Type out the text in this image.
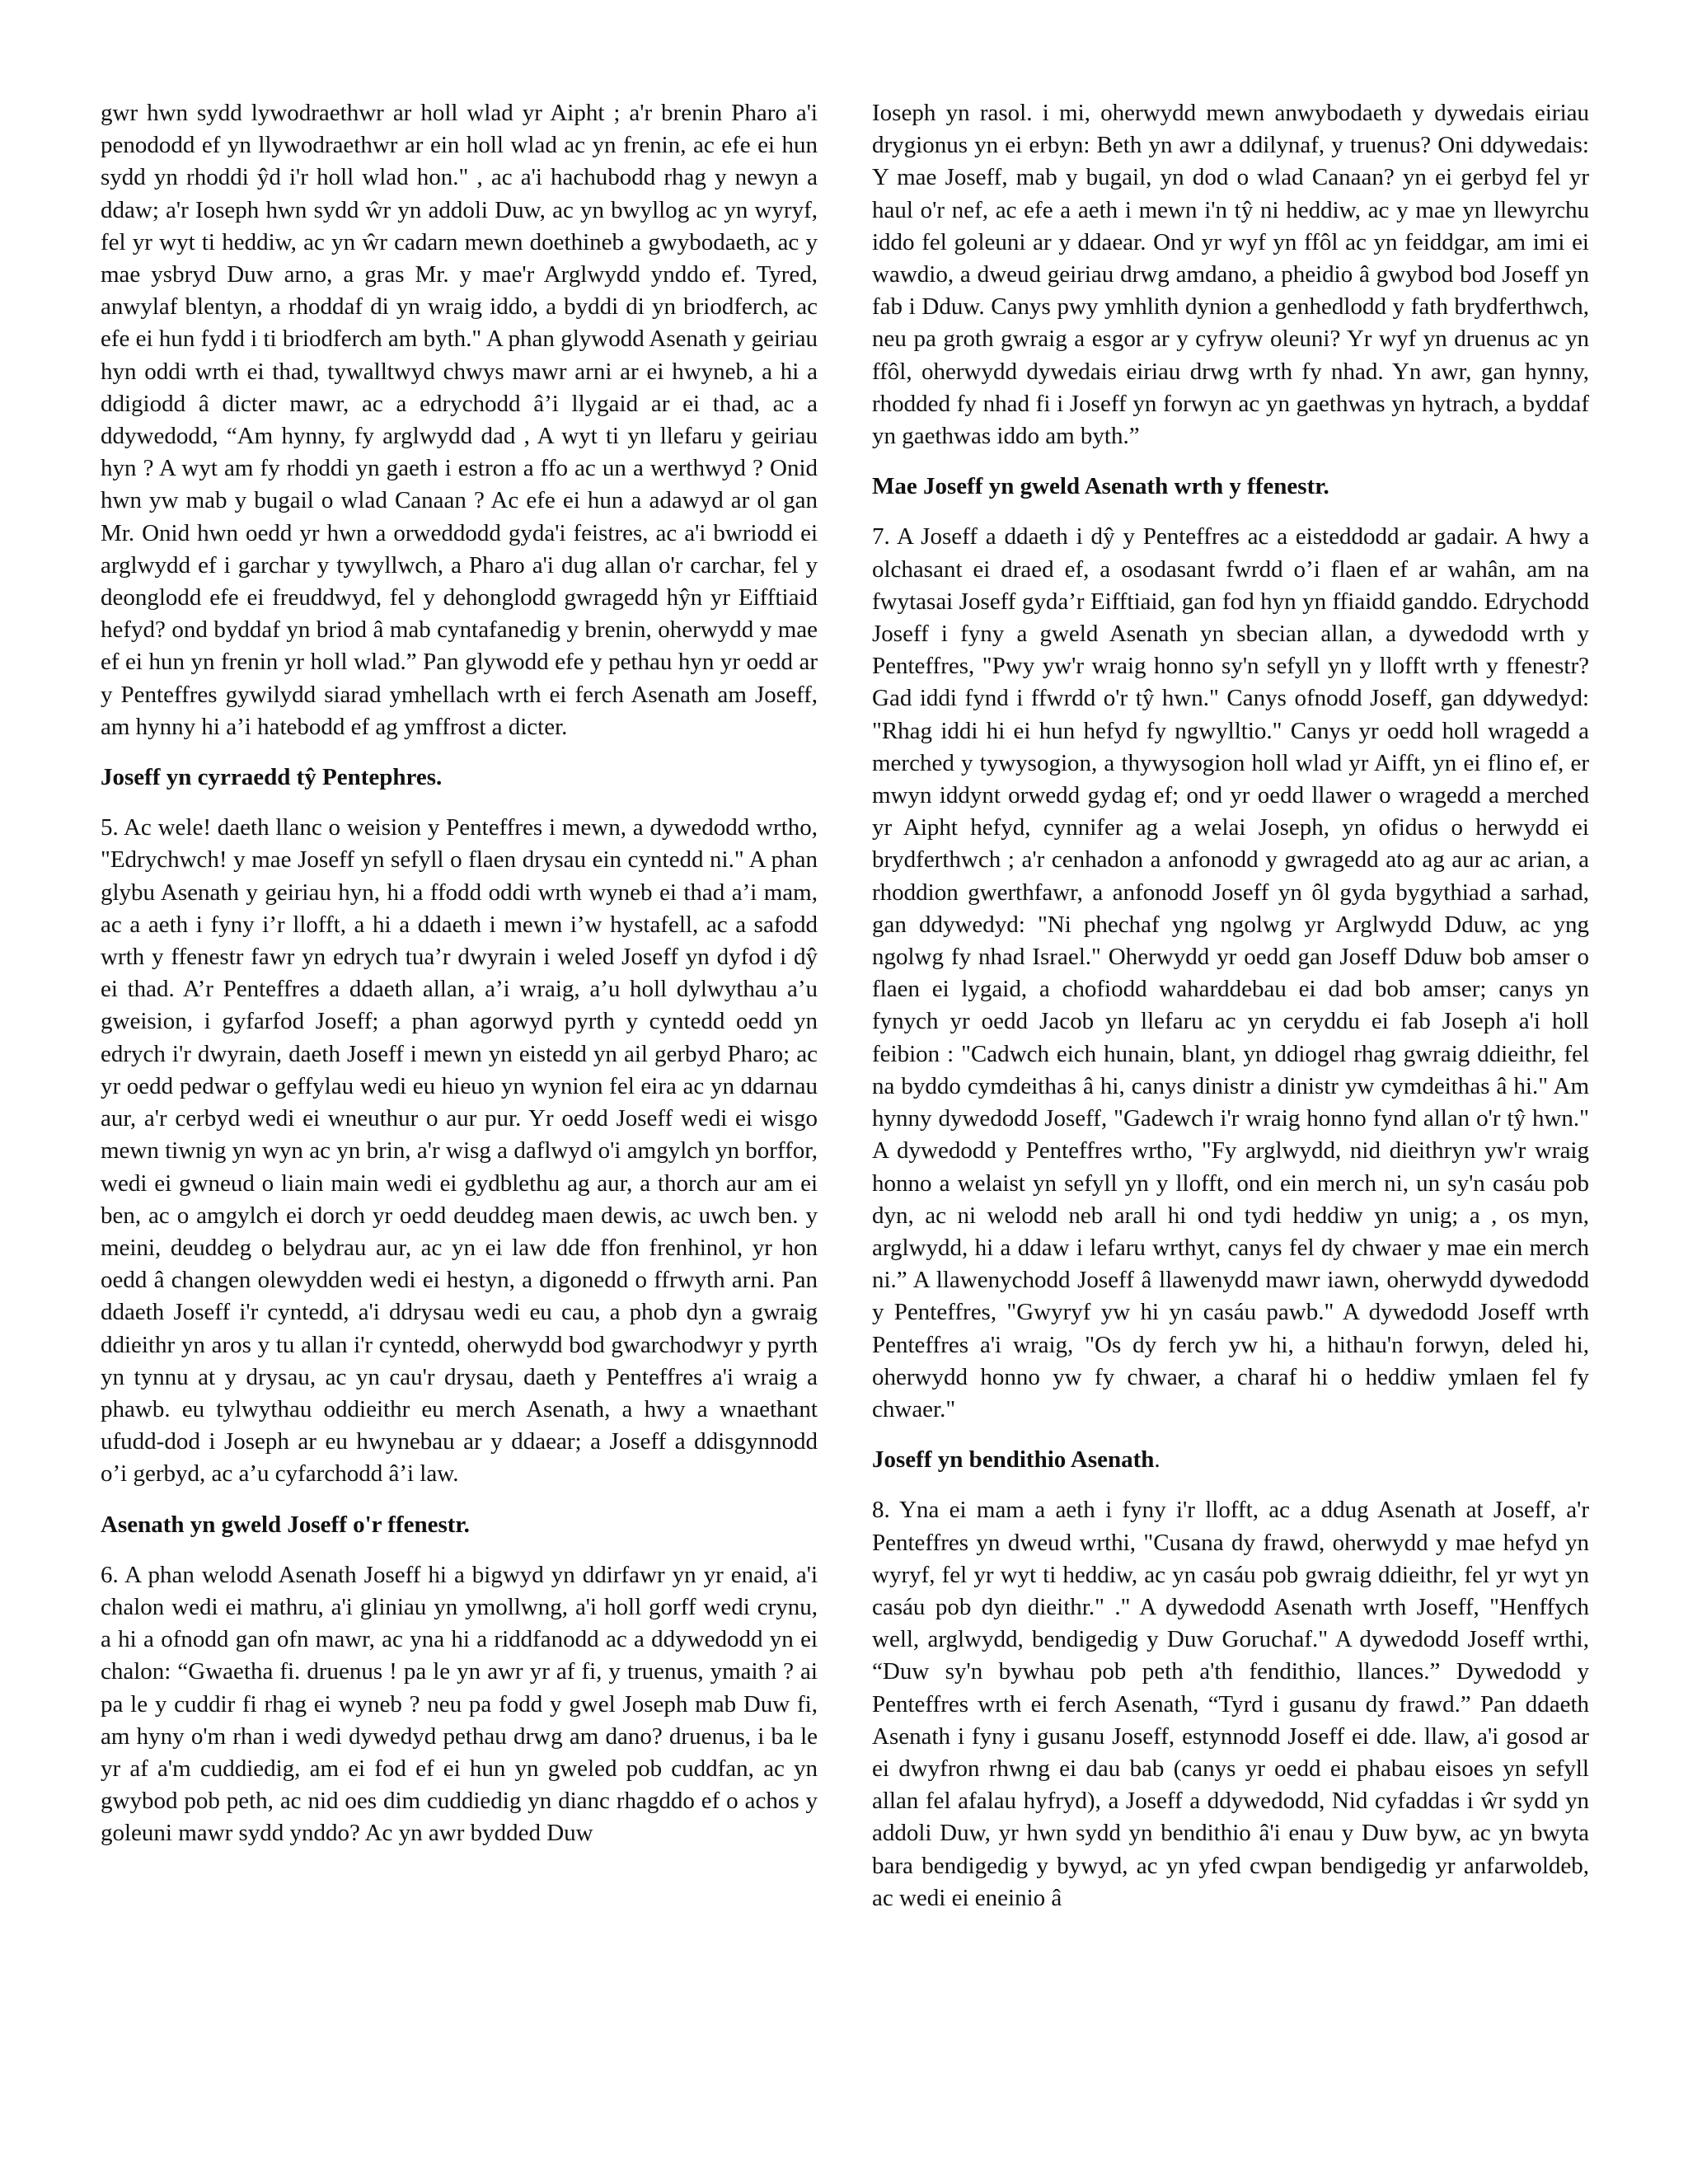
gwr hwn sydd lywodraethwr ar holl wlad yr Aipht ; a'r brenin Pharo a'i penododd ef yn llywodraethwr ar ein holl wlad ac yn frenin, ac efe ei hun sydd yn rhoddi ŷd i'r holl wlad hon." , ac a'i hachubodd rhag y newyn a ddaw; a'r Ioseph hwn sydd ŵr yn addoli Duw, ac yn bwyllog ac yn wyryf, fel yr wyt ti heddiw, ac yn ŵr cadarn mewn doethineb a gwybodaeth, ac y mae ysbryd Duw arno, a gras Mr. y mae'r Arglwydd ynddo ef. Tyred, anwylaf blentyn, a rhoddaf di yn wraig iddo, a byddi di yn briodferch, ac efe ei hun fydd i ti briodferch am byth." A phan glywodd Asenath y geiriau hyn oddi wrth ei thad, tywalltwyd chwys mawr arni ar ei hwyneb, a hi a ddigiodd â dicter mawr, ac a edrychodd â’i llygaid ar ei thad, ac a ddywedodd, “Am hynny, fy arglwydd dad , A wyt ti yn llefaru y geiriau hyn ? A wyt am fy rhoddi yn gaeth i estron a ffo ac un a werthwyd ? Onid hwn yw mab y bugail o wlad Canaan ? Ac efe ei hun a adawyd ar ol gan Mr. Onid hwn oedd yr hwn a orweddodd gyda'i feistres, ac a'i bwriodd ei arglwydd ef i garchar y tywyllwch, a Pharo a'i dug allan o'r carchar, fel y deonglodd efe ei freuddwyd, fel y dehonglodd gwragedd hŷn yr Eifftiaid hefyd? ond byddaf yn briod â mab cyntafanedig y brenin, oherwydd y mae ef ei hun yn frenin yr holl wlad.” Pan glywodd efe y pethau hyn yr oedd ar y Penteffres gywilydd siarad ymhellach wrth ei ferch Asenath am Joseff, am hynny hi a’i hatebodd ef ag ymffrost a dicter.

Joseff yn cyrraedd tŷ Pentephres.

5. Ac wele! daeth llanc o weision y Penteffres i mewn, a dywedodd wrtho, "Edrychwch! y mae Joseff yn sefyll o flaen drysau ein cyntedd ni." A phan glybu Asenath y geiriau hyn, hi a ffodd oddi wrth wyneb ei thad a’i mam, ac a aeth i fyny i’r llofft, a hi a ddaeth i mewn i’w hystafell, ac a safodd wrth y ffenestr fawr yn edrych tua’r dwyrain i weled Joseff yn dyfod i dŷ ei thad. A’r Penteffres a ddaeth allan, a’i wraig, a’u holl dylwythau a’u gweision, i gyfarfod Joseff; a phan agorwyd pyrth y cyntedd oedd yn edrych i'r dwyrain, daeth Joseff i mewn yn eistedd yn ail gerbyd Pharo; ac yr oedd pedwar o geffylau wedi eu hieuo yn wynion fel eira ac yn ddarnau aur, a'r cerbyd wedi ei wneuthur o aur pur. Yr oedd Joseff wedi ei wisgo mewn tiwnig yn wyn ac yn brin, a'r wisg a daflwyd o'i amgylch yn borffor, wedi ei gwneud o liain main wedi ei gydblethu ag aur, a thorch aur am ei ben, ac o amgylch ei dorch yr oedd deuddeg maen dewis, ac uwch ben. y meini, deuddeg o belydrau aur, ac yn ei law dde ffon frenhinol, yr hon oedd â changen olewydden wedi ei hestyn, a digonedd o ffrwyth arni. Pan ddaeth Joseff i'r cyntedd, a'i ddrysau wedi eu cau, a phob dyn a gwraig ddieithr yn aros y tu allan i'r cyntedd, oherwydd bod gwarchodwyr y pyrth yn tynnu at y drysau, ac yn cau'r drysau, daeth y Penteffres a'i wraig a phawb. eu tylwythau oddieithr eu merch Asenath, a hwy a wnaethant ufudd-dod i Joseph ar eu hwynebau ar y ddaear; a Joseff a ddisgynnodd o’i gerbyd, ac a’u cyfarchodd â’i law.

Asenath yn gweld Joseff o'r ffenestr.

6. A phan welodd Asenath Joseff hi a bigwyd yn ddirfawr yn yr enaid, a'i chalon wedi ei mathru, a'i gliniau yn ymollwng, a'i holl gorff wedi crynu, a hi a ofnodd gan ofn mawr, ac yna hi a riddfanodd ac a ddywedodd yn ei chalon: “Gwaetha fi. druenus ! pa le yn awr yr af fi, y truenus, ymaith ? ai pa le y cuddir fi rhag ei wyneb ? neu pa fodd y gwel Joseph mab Duw fi, am hyny o'm rhan i wedi dywedyd pethau drwg am dano? druenus, i ba le yr af a'm cuddiedig, am ei fod ef ei hun yn gweled pob cuddfan, ac yn gwybod pob peth, ac nid oes dim cuddiedig yn dianc rhagddo ef o achos y goleuni mawr sydd ynddo? Ac yn awr bydded Duw

Ioseph yn rasol. i mi, oherwydd mewn anwybodaeth y dywedais eiriau drygionus yn ei erbyn: Beth yn awr a ddilynaf, y truenus? Oni ddywedais: Y mae Joseff, mab y bugail, yn dod o wlad Canaan? yn ei gerbyd fel yr haul o'r nef, ac efe a aeth i mewn i'n tŷ ni heddiw, ac y mae yn llewyrchu iddo fel goleuni ar y ddaear. Ond yr wyf yn ffôl ac yn feiddgar, am imi ei wawdio, a dweud geiriau drwg amdano, a pheidio â gwybod bod Joseff yn fab i Dduw. Canys pwy ymhlith dynion a genhedlodd y fath brydferthwch, neu pa groth gwraig a esgor ar y cyfryw oleuni? Yr wyf yn druenus ac yn ffôl, oherwydd dywedais eiriau drwg wrth fy nhad. Yn awr, gan hynny, rhodded fy nhad fi i Joseff yn forwyn ac yn gaethwas yn hytrach, a byddaf yn gaethwas iddo am byth.”

Mae Joseff yn gweld Asenath wrth y ffenestr.

7. A Joseff a ddaeth i dŷ y Penteffres ac a eisteddodd ar gadair. A hwy a olchasant ei draed ef, a osodasant fwrdd o’i flaen ef ar wahân, am na fwytasai Joseff gyda’r Eifftiaid, gan fod hyn yn ffiaidd ganddo. Edrychodd Joseff i fyny a gweld Asenath yn sbecian allan, a dywedodd wrth y Penteffres, "Pwy yw'r wraig honno sy'n sefyll yn y llofft wrth y ffenestr? Gad iddi fynd i ffwrdd o'r tŷ hwn." Canys ofnodd Joseff, gan ddywedyd: "Rhag iddi hi ei hun hefyd fy ngwylltio." Canys yr oedd holl wragedd a merched y tywysogion, a thywysogion holl wlad yr Aifft, yn ei flino ef, er mwyn iddynt orwedd gydag ef; ond yr oedd llawer o wragedd a merched yr Aipht hefyd, cynnifer ag a welai Joseph, yn ofidus o herwydd ei brydferthwch ; a'r cenhadon a anfonodd y gwragedd ato ag aur ac arian, a rhoddion gwerthfawr, a anfonodd Joseff yn ôl gyda bygythiad a sarhad, gan ddywedyd: "Ni phechaf yng ngolwg yr Arglwydd Dduw, ac yng ngolwg fy nhad Israel." Oherwydd yr oedd gan Joseff Dduw bob amser o flaen ei lygaid, a chofiodd waharddebau ei dad bob amser; canys yn fynych yr oedd Jacob yn llefaru ac yn ceryddu ei fab Joseph a'i holl feibion : "Cadwch eich hunain, blant, yn ddiogel rhag gwraig ddieithr, fel na byddo cymdeithas â hi, canys dinistr a dinistr yw cymdeithas â hi." Am hynny dywedodd Joseff, "Gadewch i'r wraig honno fynd allan o'r tŷ hwn." A dywedodd y Penteffres wrtho, "Fy arglwydd, nid dieithryn yw'r wraig honno a welaist yn sefyll yn y llofft, ond ein merch ni, un sy'n casáu pob dyn, ac ni welodd neb arall hi ond tydi heddiw yn unig; a , os myn, arglwydd, hi a ddaw i lefaru wrthyt, canys fel dy chwaer y mae ein merch ni.” A llawenychodd Joseff â llawenydd mawr iawn, oherwydd dywedodd y Penteffres, "Gwyryf yw hi yn casáu pawb." A dywedodd Joseff wrth Penteffres a'i wraig, "Os dy ferch yw hi, a hithau'n forwyn, deled hi, oherwydd honno yw fy chwaer, a charaf hi o heddiw ymlaen fel fy chwaer."

Joseff yn bendithio Asenath.

8. Yna ei mam a aeth i fyny i'r llofft, ac a ddug Asenath at Joseff, a'r Penteffres yn dweud wrthi, "Cusana dy frawd, oherwydd y mae hefyd yn wyryf, fel yr wyt ti heddiw, ac yn casáu pob gwraig ddieithr, fel yr wyt yn casáu pob dyn dieithr." ." A dywedodd Asenath wrth Joseff, "Henffych well, arglwydd, bendigedig y Duw Goruchaf." A dywedodd Joseff wrthi, “Duw sy'n bywhau pob peth a'th fendithio, llances.” Dywedodd y Penteffres wrth ei ferch Asenath, “Tyrd i gusanu dy frawd.” Pan ddaeth Asenath i fyny i gusanu Joseff, estynnodd Joseff ei dde. llaw, a'i gosod ar ei dwyfron rhwng ei dau bab (canys yr oedd ei phabau eisoes yn sefyll allan fel afalau hyfryd), a Joseff a ddywedodd, Nid cyfaddas i ŵr sydd yn addoli Duw, yr hwn sydd yn bendithio â'i enau y Duw byw, ac yn bwyta bara bendigedig y bywyd, ac yn yfed cwpan bendigedig yr anfarwoldeb, ac wedi ei eneinio â
